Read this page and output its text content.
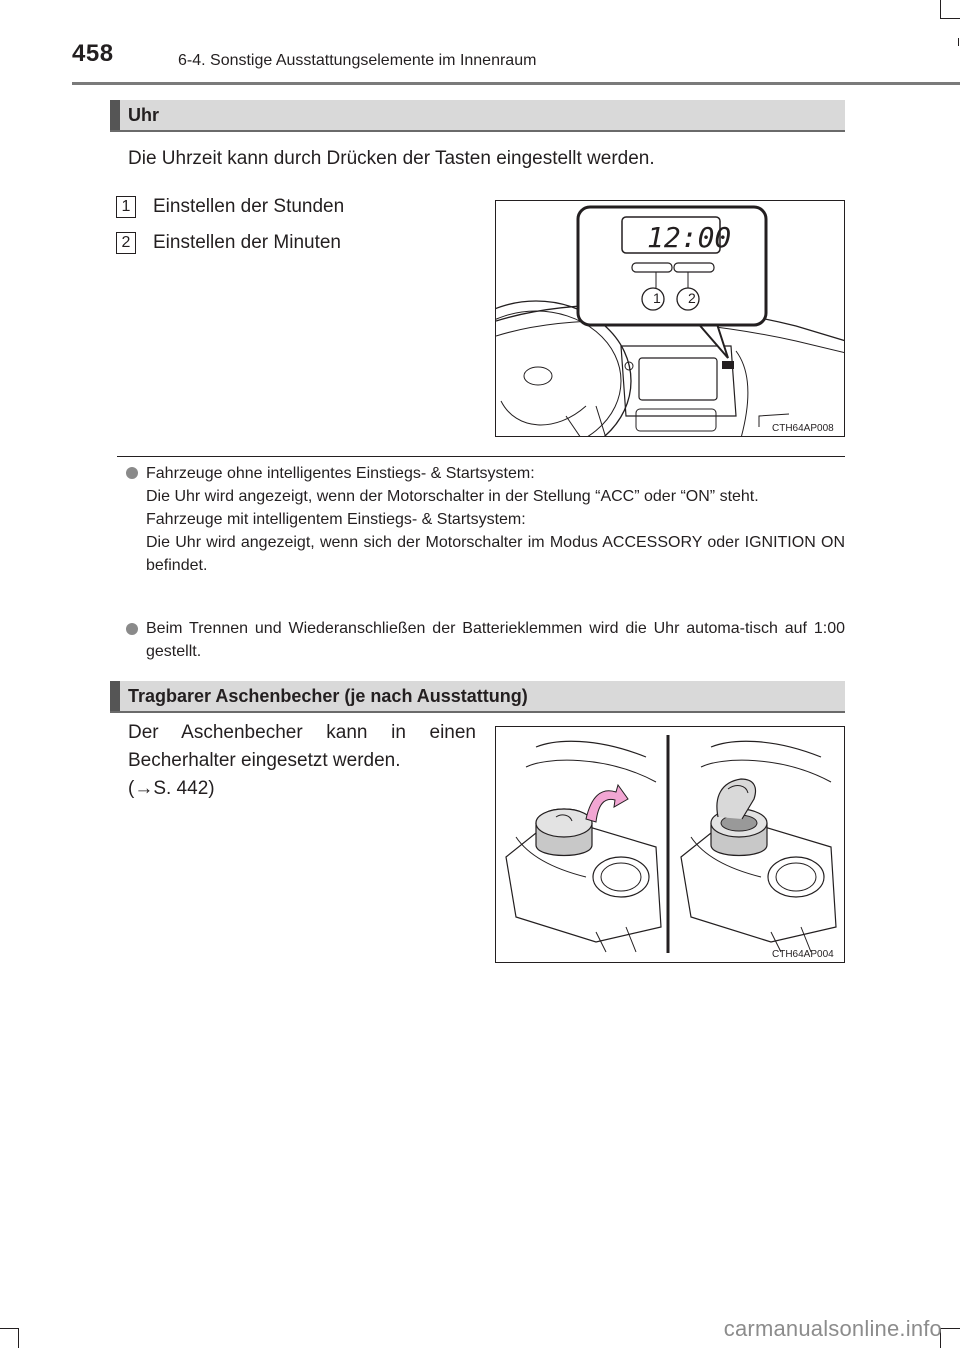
458	6-4. Sonstige Ausstattungselemente im Innenraum
Uhr
Die Uhrzeit kann durch Drücken der Tasten eingestellt werden.
1 Einstellen der Stunden
2 Einstellen der Minuten	12:00
1 2
CTH64AP008
Fahrzeuge ohne intelligentes Einstiegs- & Startsystem:
Die Uhr wird angezeigt, wenn der Motorschalter in der Stellung “ACC” oder “ON” steht.
Fahrzeuge mit intelligentem Einstiegs- & Startsystem:
Die Uhr wird angezeigt, wenn sich der Motorschalter im Modus ACCESSORY oder IGNITION ON befindet.
Beim Trennen und Wiederanschließen der Batterieklemmen wird die Uhr automa-tisch auf 1:00 gestellt.
Tragbarer Aschenbecher (je nach Ausstattung)
Der Aschenbecher kann in einen Becherhalter eingesetzt werden.
(→S. 442)
CTH64AP004
carmanualsonline.info
